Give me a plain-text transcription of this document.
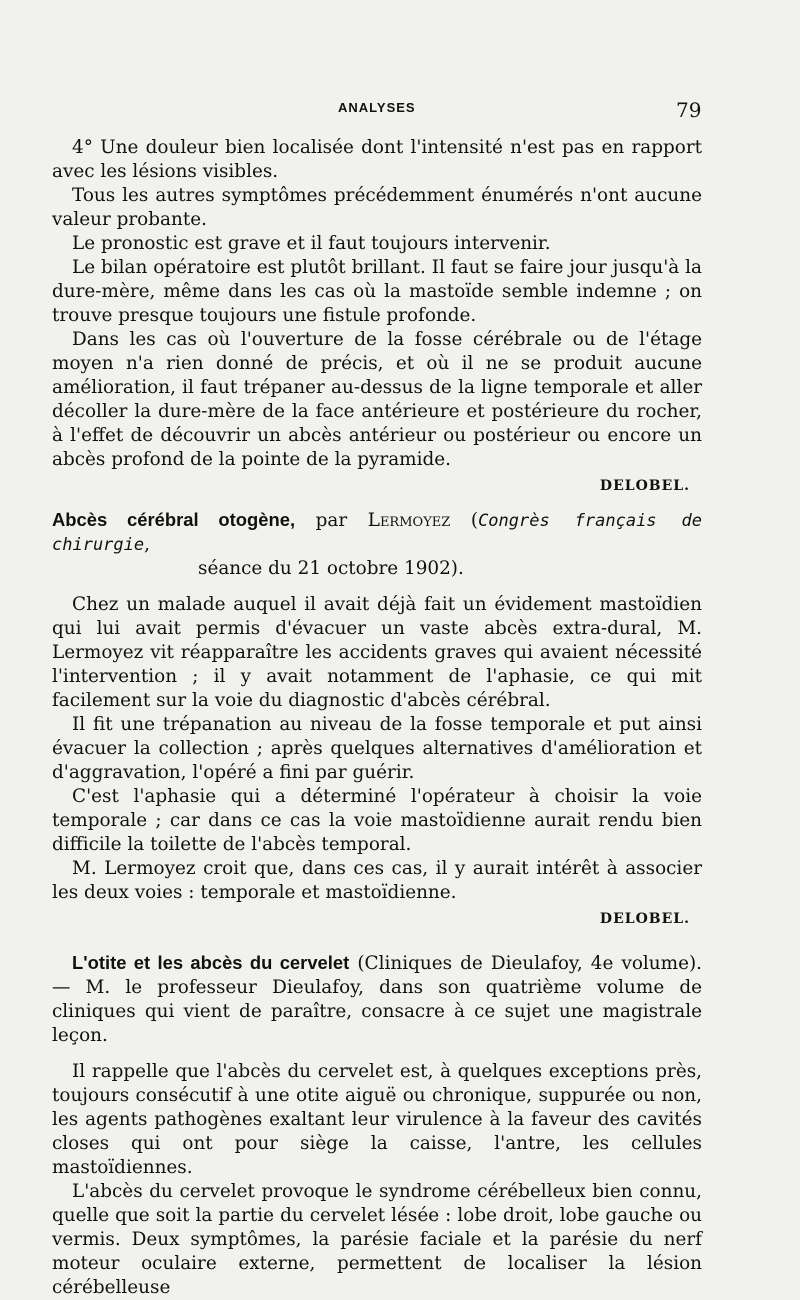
ANALYSES	79

4° Une douleur bien localisée dont l'intensité n'est pas en rapport avec les lésions visibles.

Tous les autres symptômes précédemment énumérés n'ont aucune valeur probante.

Le pronostic est grave et il faut toujours intervenir.

Le bilan opératoire est plutôt brillant. Il faut se faire jour jusqu'à la dure-mère, même dans les cas où la mastoïde semble indemne ; on trouve presque toujours une fistule profonde.

Dans les cas où l'ouverture de la fosse cérébrale ou de l'étage moyen n'a rien donné de précis, et où il ne se produit aucune amélioration, il faut trépaner au-dessus de la ligne temporale et aller décoller la dure-mère de la face antérieure et postérieure du rocher, à l'effet de découvrir un abcès antérieur ou postérieur ou encore un abcès profond de la pointe de la pyramide.

DELOBEL.

Abcès cérébral otogène, par Lermoyez (Congrès français de chirurgie,
séance du 21 octobre 1902).

Chez un malade auquel il avait déjà fait un évidement mastoïdien qui lui avait permis d'évacuer un vaste abcès extra-dural, M. Lermoyez vit réapparaître les accidents graves qui avaient nécessité l'intervention ; il y avait notamment de l'aphasie, ce qui mit facilement sur la voie du diagnostic d'abcès cérébral.

Il fit une trépanation au niveau de la fosse temporale et put ainsi évacuer la collection ; après quelques alternatives d'amélioration et d'aggravation, l'opéré a fini par guérir.

C'est l'aphasie qui a déterminé l'opérateur à choisir la voie temporale ; car dans ce cas la voie mastoïdienne aurait rendu bien difficile la toilette de l'abcès temporal.

M. Lermoyez croit que, dans ces cas, il y aurait intérêt à associer les deux voies : temporale et mastoïdienne.

DELOBEL.

L'otite et les abcès du cervelet (Cliniques de Dieulafoy, 4e volume). — M. le professeur Dieulafoy, dans son quatrième volume de cliniques qui vient de paraître, consacre à ce sujet une magistrale leçon.

Il rappelle que l'abcès du cervelet est, à quelques exceptions près, toujours consécutif à une otite aiguë ou chronique, suppurée ou non, les agents pathogènes exaltant leur virulence à la faveur des cavités closes qui ont pour siège la caisse, l'antre, les cellules mastoïdiennes.

L'abcès du cervelet provoque le syndrome cérébelleux bien connu, quelle que soit la partie du cervelet lésée : lobe droit, lobe gauche ou vermis. Deux symptômes, la parésie faciale et la parésie du nerf moteur oculaire externe, permettent de localiser la lésion cérébelleuse
